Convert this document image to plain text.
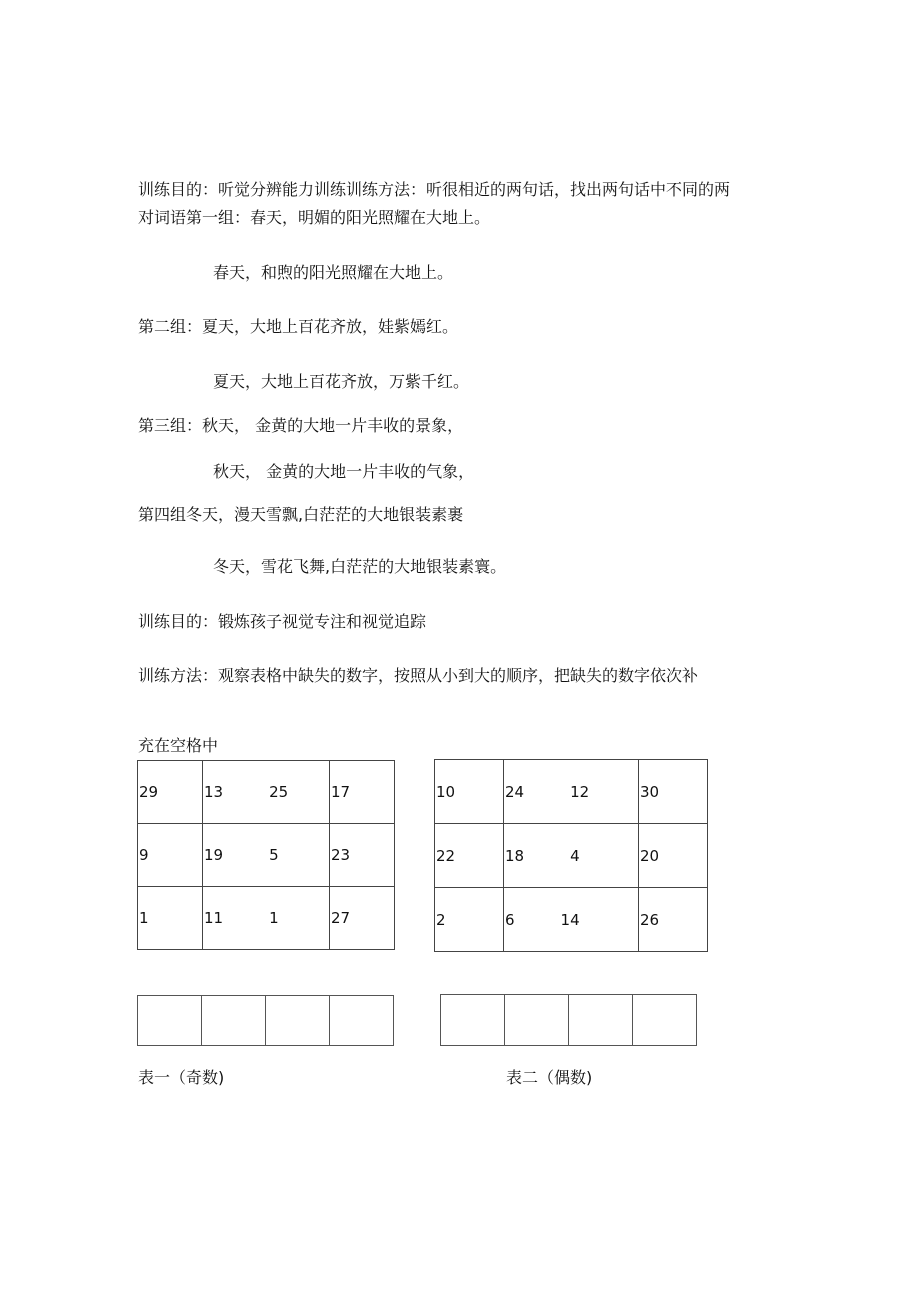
训练目的：听觉分辨能力训练训练方法：听很相近的两句话，找出两句话中不同的两
对词语第一组：春天，明媚的阳光照耀在大地上。
春天，和煦的阳光照耀在大地上。
第二组：夏天，大地上百花齐放，娃紫嫣红。
夏天，大地上百花齐放，万紫千红。
第三组：秋天， 金黄的大地一片丰收的景象，
秋天， 金黄的大地一片丰收的气象，
第四组冬天，漫天雪飘,白茫茫的大地银装素裹
冬天，雪花飞舞,白茫茫的大地银装素寰。
训练目的：锻炼孩子视觉专注和视觉追踪
训练方法：观察表格中缺失的数字，按照从小到大的顺序，把缺失的数字依次补
充在空格中
29	13 25	17

9	19 5	23

1	11 1	27
10	24 12	30

22	18 4	20

2	6 14	26

表一（奇数)	表二（偶数)
